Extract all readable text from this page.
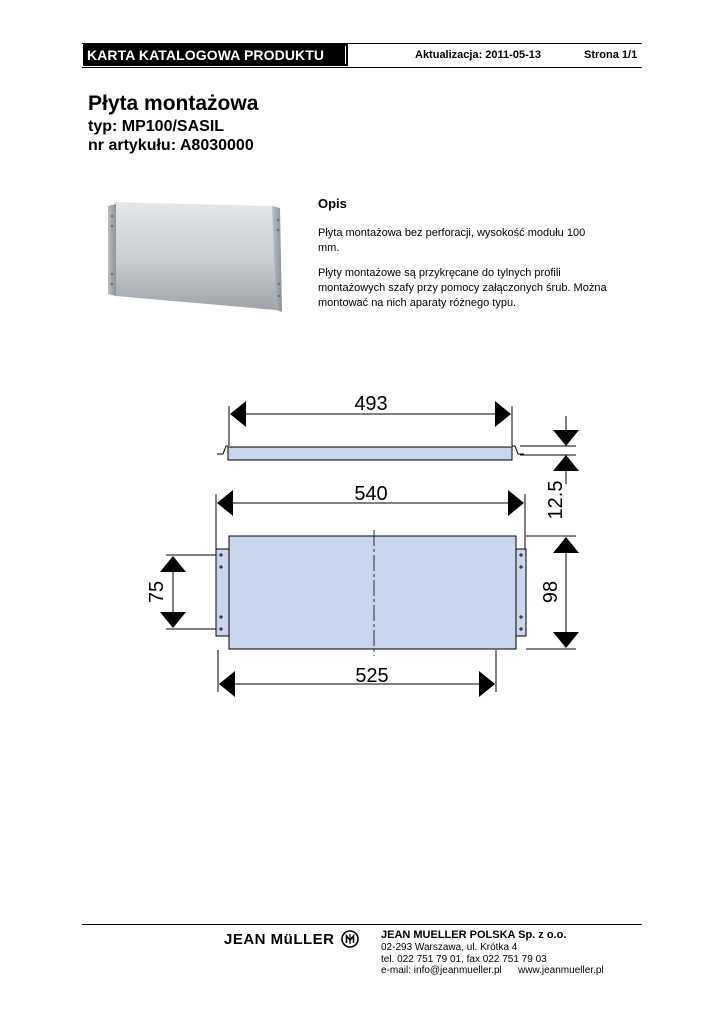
KARTA KATALOGOWA PRODUKTU	Aktualizacja: 2011-05-13	Strona 1/1
Płyta montażowa
typ: MP100/SASIL
nr artykułu: A8030000
Opis
Płyta montażowa bez perforacji, wysokość modułu 100 mm.
Płyty montażowe są przykręcane do tylnych profili montażowych szafy przy pomocy załączonych śrub. Można montować na nich aparaty różnego typu.
493
12.5
540
75	98
525
JEAN MüLLER	JEAN MUELLER POLSKA Sp. z o.o.
02-293 Warszawa, ul. Krótka 4
tel. 022 751 79 01, fax 022 751 79 03
e-mail: info@jeanmueller.pl www.jeanmueller.pl
